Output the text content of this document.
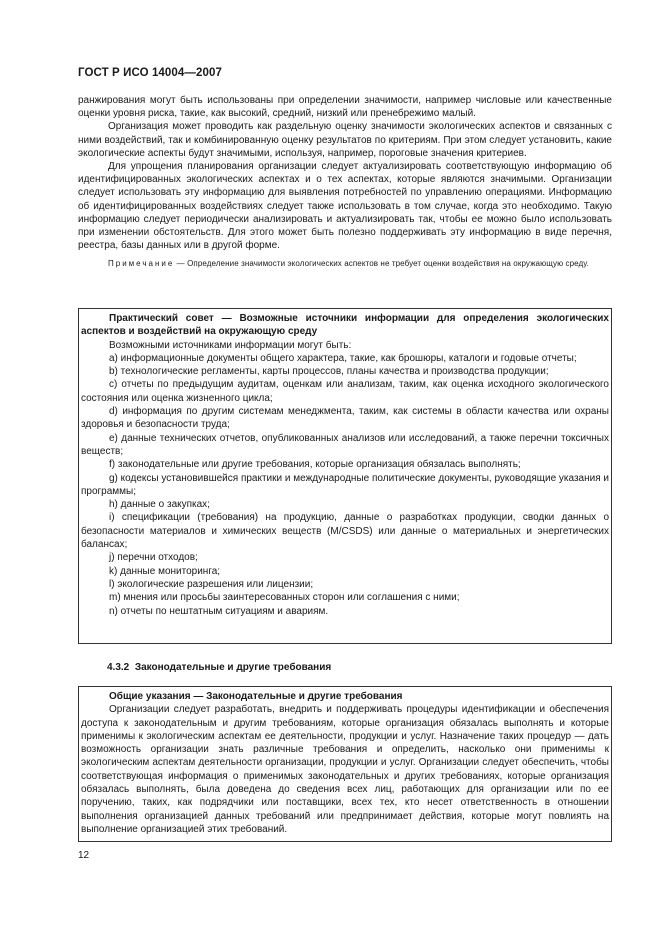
ГОСТ Р ИСО 14004—2007

ранжирования могут быть использованы при определении значимости, например числовые или качественные оценки уровня риска, такие, как высокий, средний, низкий или пренебрежимо малый.

Организация может проводить как раздельную оценку значимости экологических аспектов и связанных с ними воздействий, так и комбинированную оценку результатов по критериям. При этом следует установить, какие экологические аспекты будут значимыми, используя, например, пороговые значения критериев.

Для упрощения планирования организации следует актуализировать соответствующую информацию об идентифицированных экологических аспектах и о тех аспектах, которые являются значимыми. Организации следует использовать эту информацию для выявления потребностей по управлению операциями. Информацию об идентифицированных воздействиях следует также использовать в том случае, когда это необходимо. Такую информацию следует периодически анализировать и актуализировать так, чтобы ее можно было использовать при изменении обстоятельств. Для этого может быть полезно поддерживать эту информацию в виде перечня, реестра, базы данных или в другой форме.

Примечание — Определение значимости экологических аспектов не требует оценки воздействия на окружающую среду.

Практический совет — Возможные источники информации для определения экологических аспектов и воздействий на окружающую среду

Возможными источниками информации могут быть:

a) информационные документы общего характера, такие, как брошюры, каталоги и годовые отчеты;

b) технологические регламенты, карты процессов, планы качества и производства продукции;

c) отчеты по предыдущим аудитам, оценкам или анализам, таким, как оценка исходного экологического состояния или оценка жизненного цикла;

d) информация по другим системам менеджмента, таким, как системы в области качества или охраны здоровья и безопасности труда;

e) данные технических отчетов, опубликованных анализов или исследований, а также перечни токсичных веществ;

f) законодательные или другие требования, которые организация обязалась выполнять;

g) кодексы установившейся практики и международные политические документы, руководящие указания и программы;

h) данные о закупках;

i) спецификации (требования) на продукцию, данные о разработках продукции, сводки данных о безопасности материалов и химических веществ (M/CSDS) или данные о материальных и энергетических балансах;

j) перечни отходов;

k) данные мониторинга;

l) экологические разрешения или лицензии;

m) мнения или просьбы заинтересованных сторон или соглашения с ними;

n) отчеты по нештатным ситуациям и авариям.

4.3.2 Законодательные и другие требования

Общие указания — Законодательные и другие требования

Организации следует разработать, внедрить и поддерживать процедуры идентификации и обеспечения доступа к законодательным и другим требованиям, которые организация обязалась выполнять и которые применимы к экологическим аспектам ее деятельности, продукции и услуг. Назначение таких процедур — дать возможность организации знать различные требования и определить, насколько они применимы к экологическим аспектам деятельности организации, продукции и услуг. Организации следует обеспечить, чтобы соответствующая информация о применимых законодательных и других требованиях, которые организация обязалась выполнять, была доведена до сведения всех лиц, работающих для организации или по ее поручению, таких, как подрядчики или поставщики, всех тех, кто несет ответственность в отношении выполнения организацией данных требований или предпринимает действия, которые могут повлиять на выполнение организацией этих требований.

12
